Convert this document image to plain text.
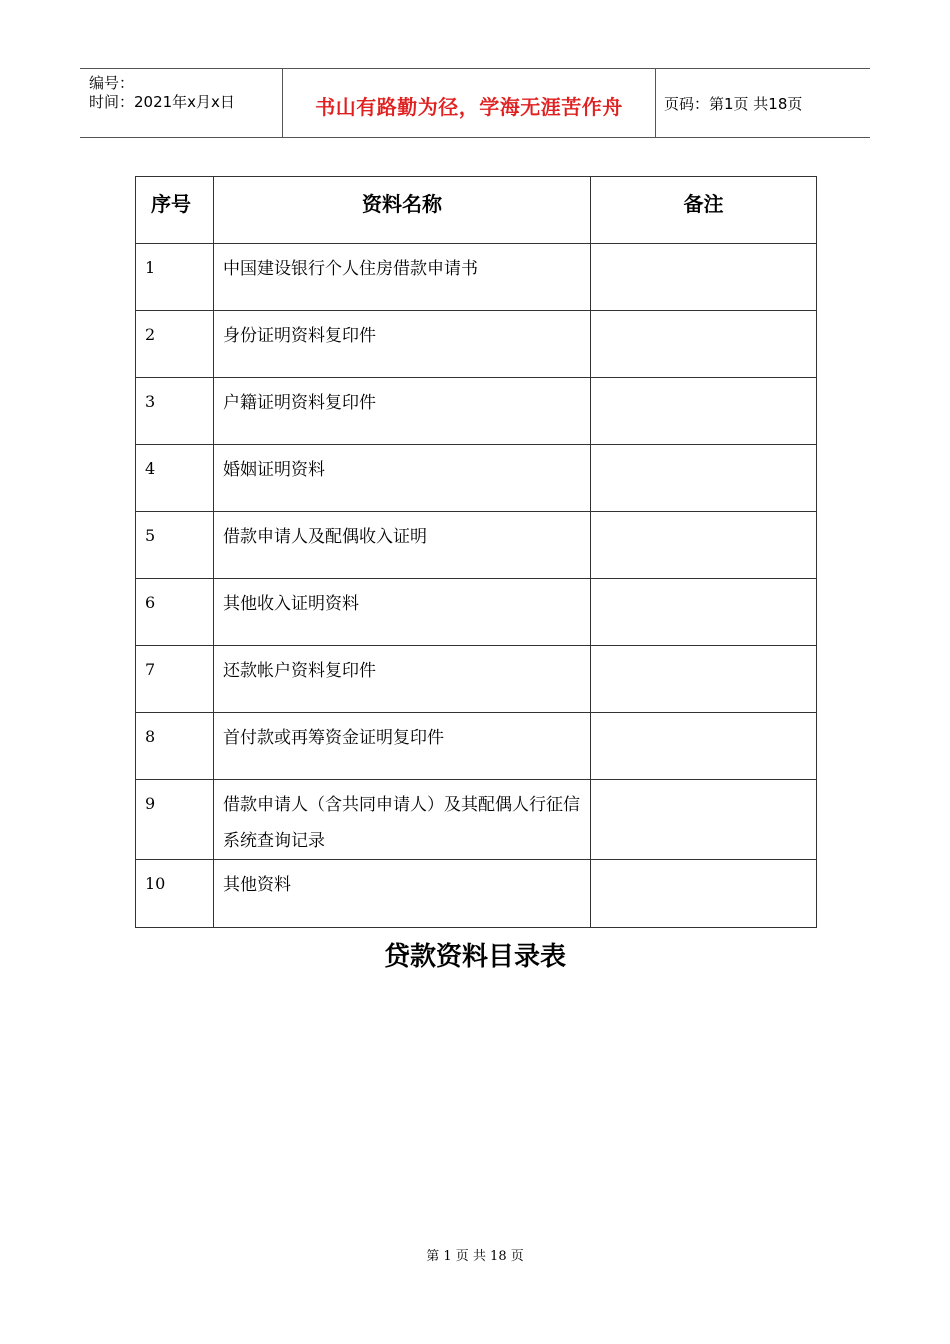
编号：
时间：2021年x月x日	书山有路勤为径，学海无涯苦作舟	页码：第1页 共18页
序号	资料名称	备注
1	中国建设银行个人住房借款申请书	
2	身份证明资料复印件	
3	户籍证明资料复印件	
4	婚姻证明资料	
5	借款申请人及配偶收入证明	
6	其他收入证明资料	
7	还款帐户资料复印件	
8	首付款或再筹资金证明复印件	
9	借款申请人（含共同申请人）及其配偶人行征信系统查询记录	
10	其他资料	
贷款资料目录表
第 1 页 共 18 页
